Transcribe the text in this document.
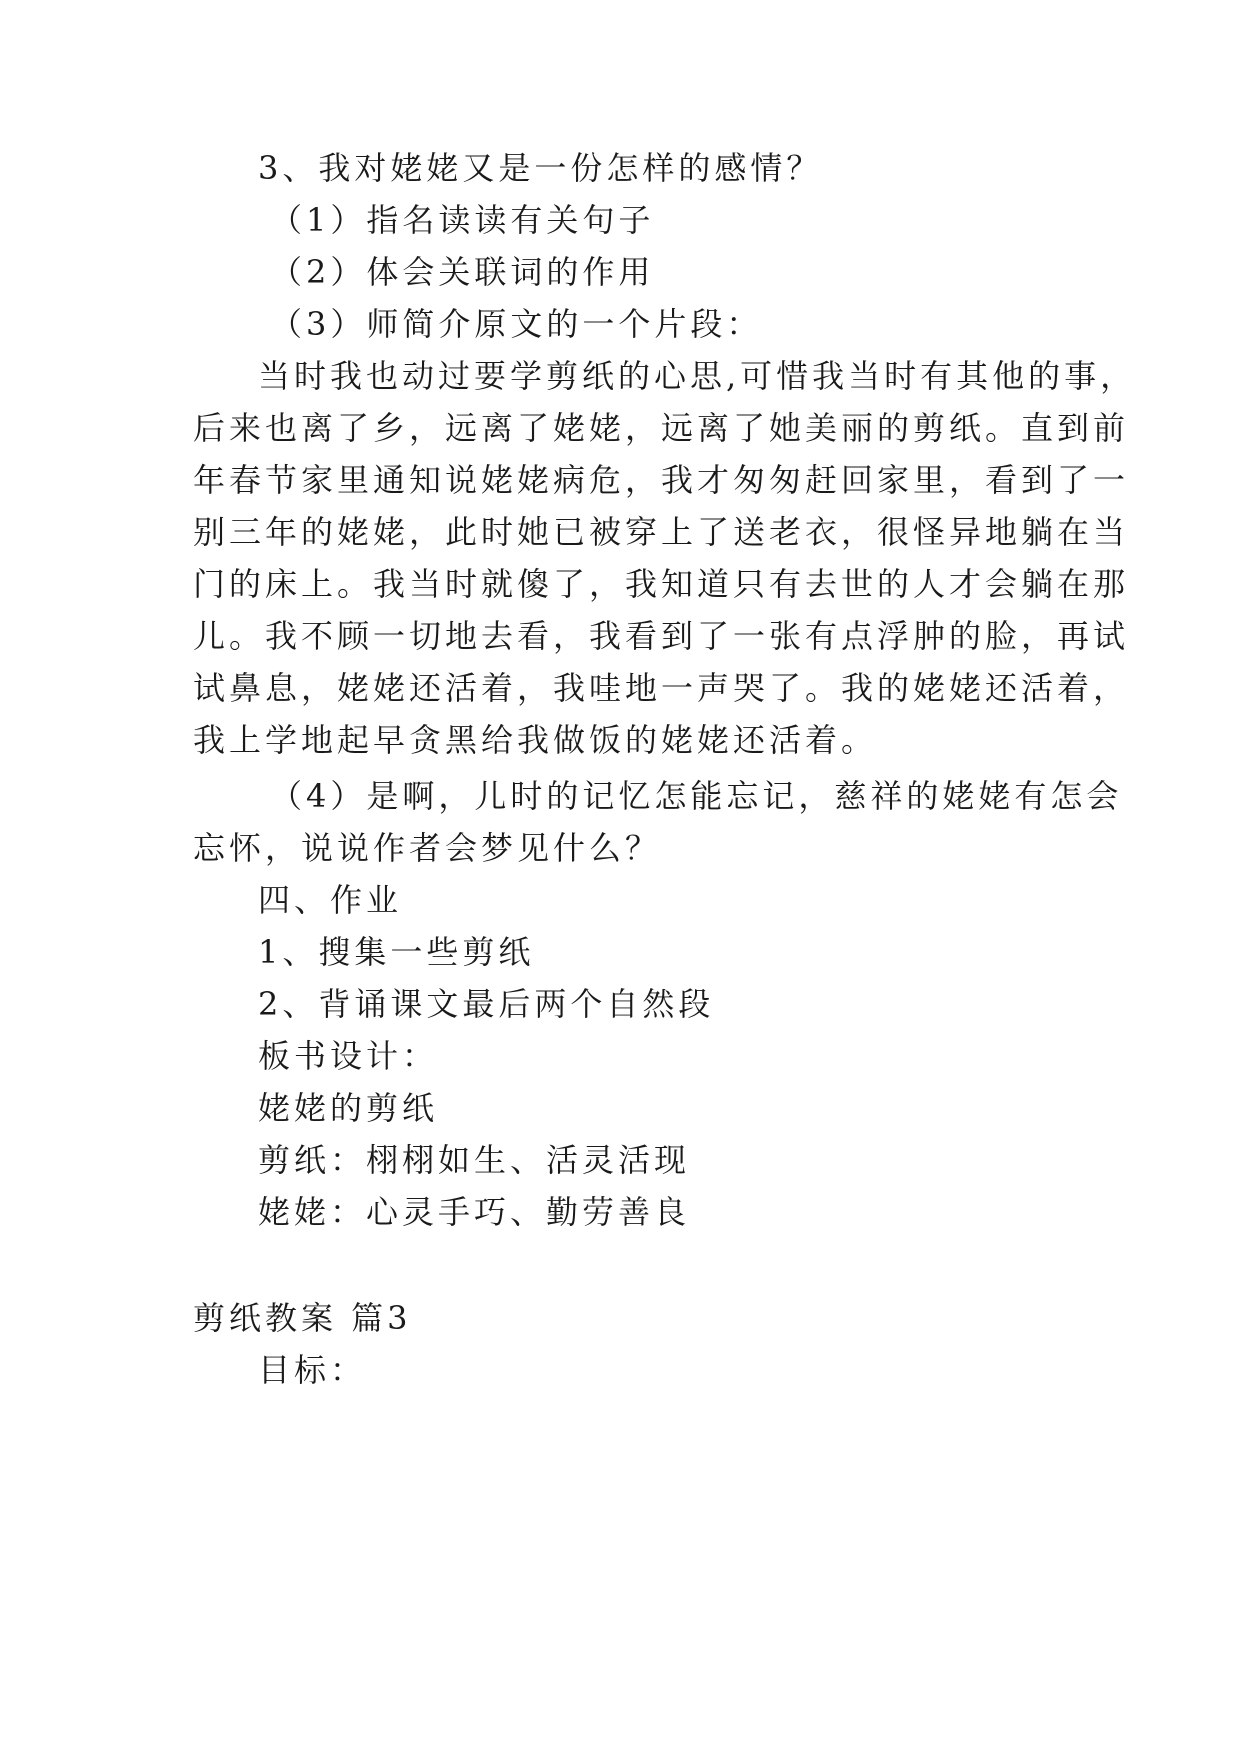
3、我对姥姥又是一份怎样的感情？
（1）指名读读有关句子
（2）体会关联词的作用
（3）师简介原文的一个片段：
当时我也动过要学剪纸的心思,可惜我当时有其他的事，
后来也离了乡，远离了姥姥，远离了她美丽的剪纸。直到前
年春节家里通知说姥姥病危，我才匆匆赶回家里，看到了一
别三年的姥姥，此时她已被穿上了送老衣，很怪异地躺在当
门的床上。我当时就傻了，我知道只有去世的人才会躺在那
儿。我不顾一切地去看，我看到了一张有点浮肿的脸，再试
试鼻息，姥姥还活着，我哇地一声哭了。我的姥姥还活着，
我上学地起早贪黑给我做饭的姥姥还活着。
（4）是啊，儿时的记忆怎能忘记，慈祥的姥姥有怎会
忘怀，说说作者会梦见什么？
四、作业
1、搜集一些剪纸
2、背诵课文最后两个自然段
板书设计：
姥姥的剪纸
剪纸：栩栩如生、活灵活现
姥姥：心灵手巧、勤劳善良
剪纸教案 篇3
目标：
